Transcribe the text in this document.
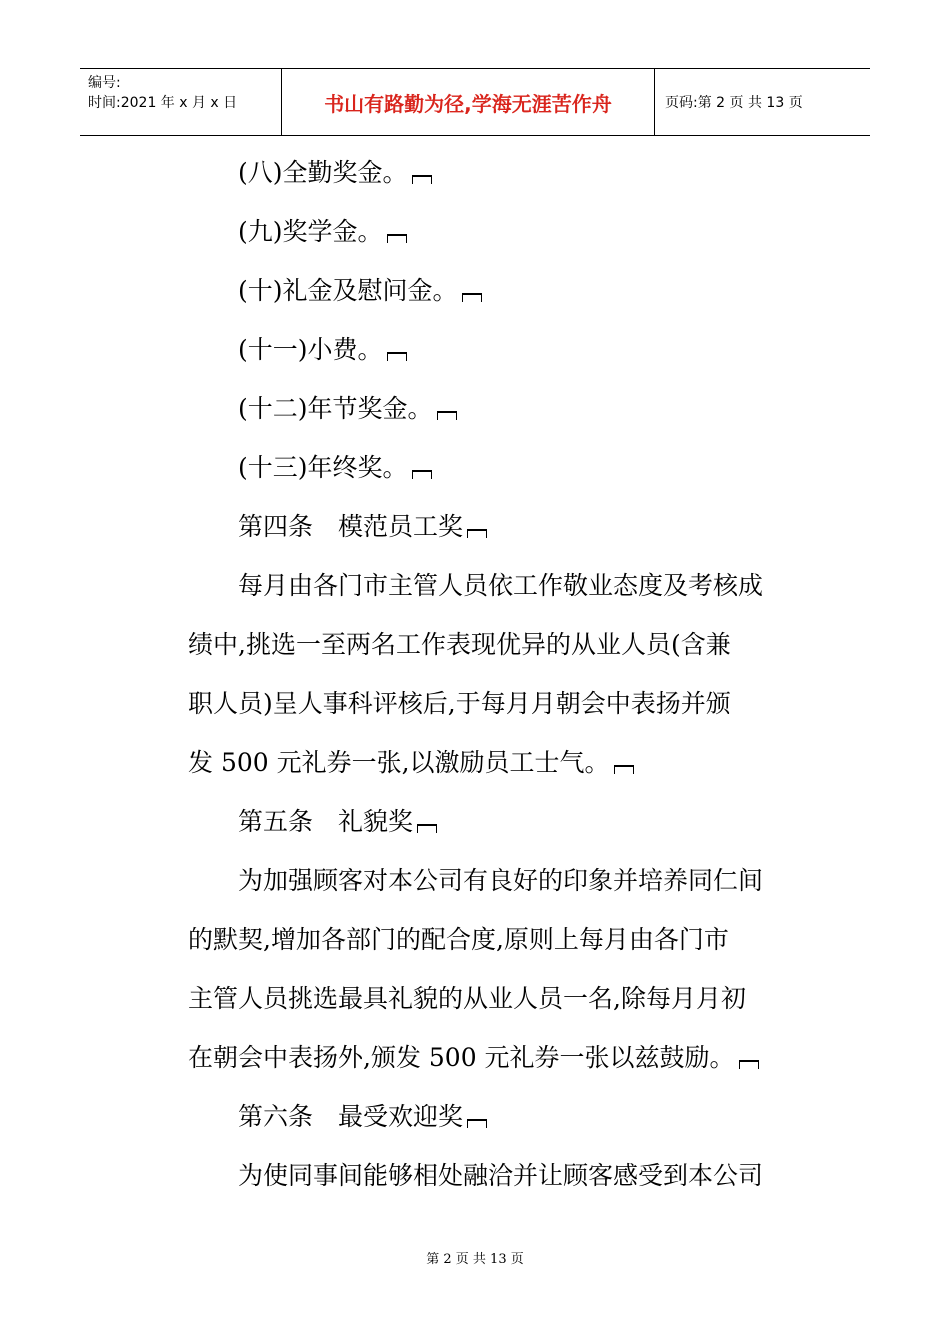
编号:
时间:2021 年 x 月 x 日	书山有路勤为径,学海无涯苦作舟	页码:第 2 页 共 13 页
(八)全勤奖金。
(九)奖学金。
(十)礼金及慰问金。
(十一)小费。
(十二)年节奖金。
(十三)年终奖。
第四条　模范员工奖
每月由各门市主管人员依工作敬业态度及考核成
绩中,挑选一至两名工作表现优异的从业人员(含兼
职人员)呈人事科评核后,于每月月朝会中表扬并颁
发 500 元礼券一张,以激励员工士气。
第五条　礼貌奖
为加强顾客对本公司有良好的印象并培养同仁间
的默契,增加各部门的配合度,原则上每月由各门市
主管人员挑选最具礼貌的从业人员一名,除每月月初
在朝会中表扬外,颁发 500 元礼券一张以兹鼓励。
第六条　最受欢迎奖
为使同事间能够相处融洽并让顾客感受到本公司
第 2 页 共 13 页
